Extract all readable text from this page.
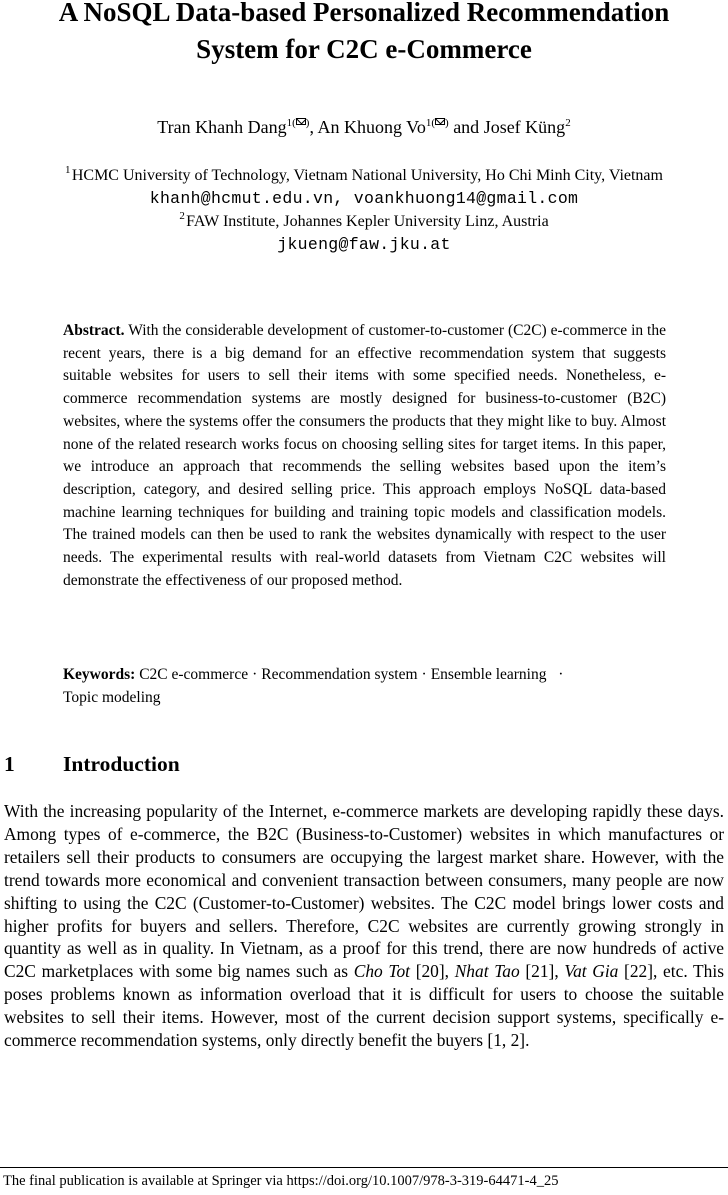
A NoSQL Data-based Personalized Recommendation
System for C2C e-Commerce
Tran Khanh Dang$^{1( )}$, An Khuong $Vo^{1( )}$ and Josef Küng$^2$
$^1$ HCMC University of Technology, Vietnam National University, Ho Chi Minh City, Vietnam
khanh@hcmut.edu.vn, voankhuong14@gmail.com
$^2$ FAW Institute, Johannes Kepler University Linz, Austria
jkueng@faw.jku.at

Abstract. With the considerable development of customer-to-customer (C2C) e-commerce in the recent years, there is a big demand for an effective recommendation system that suggests suitable websites for users to sell their items with some specified needs. Nonetheless, e-commerce recommendation systems are mostly designed for business-to-customer (B2C) websites, where the systems offer the consumers the products that they might like to buy. Almost none of the related research works focus on choosing selling sites for target items. In this paper, we introduce an approach that recommends the selling websites based upon the item’s description, category, and desired selling price. This approach employs NoSQL data-based machine learning techniques for building and training topic models and classification models. The trained models can then be used to rank the websites dynamically with respect to the user needs. The experimental results with real-world datasets from Vietnam C2C websites will demonstrate the effectiveness of our proposed method.

Keywords: C2C e-commerce · Recommendation system · Ensemble learning ·
Topic modeling
1 Introduction

With the increasing popularity of the Internet, e-commerce markets are developing rapidly these days. Among types of e-commerce, the B2C (Business-to-Customer) websites in which manufactures or retailers sell their products to consumers are occupying the largest market share. However, with the trend towards more economical and convenient transaction between consumers, many people are now shifting to using the C2C (Customer-to-Customer) websites. The C2C model brings lower costs and higher profits for buyers and sellers. Therefore, C2C websites are currently growing strongly in quantity as well as in quality. In Vietnam, as a proof for this trend, there are now hundreds of active C2C marketplaces with some big names such as Cho Tot [20], Nhat Tao [21], Vat Gia [22], etc. This poses problems known as information overload that it is difficult for users to choose the suitable websites to sell their items. However, most of the current decision support systems, specifically e-commerce recommendation systems, only directly benefit the buyers [1, 2].

The final publication is available at Springer via https://doi.org/10.1007/978-3-319-64471-4_25
